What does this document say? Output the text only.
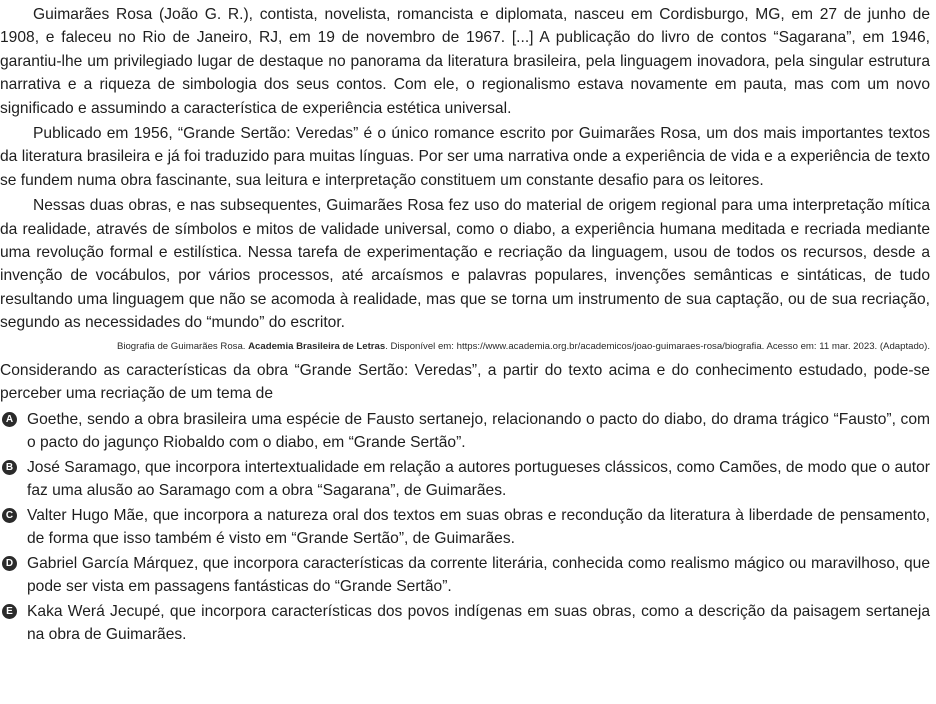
Guimarães Rosa (João G. R.), contista, novelista, romancista e diplomata, nasceu em Cordisburgo, MG, em 27 de junho de 1908, e faleceu no Rio de Janeiro, RJ, em 19 de novembro de 1967. [...] A publicação do livro de contos “Sagarana”, em 1946, garantiu-lhe um privilegiado lugar de destaque no panorama da literatura brasileira, pela linguagem inovadora, pela singular estrutura narrativa e a riqueza de simbologia dos seus contos. Com ele, o regionalismo estava novamente em pauta, mas com um novo significado e assumindo a característica de experiência estética universal.

Publicado em 1956, “Grande Sertão: Veredas” é o único romance escrito por Guimarães Rosa, um dos mais importantes textos da literatura brasileira e já foi traduzido para muitas línguas. Por ser uma narrativa onde a experiência de vida e a experiência de texto se fundem numa obra fascinante, sua leitura e interpretação constituem um constante desafio para os leitores.

Nessas duas obras, e nas subsequentes, Guimarães Rosa fez uso do material de origem regional para uma interpretação mítica da realidade, através de símbolos e mitos de validade universal, como o diabo, a experiência humana meditada e recriada mediante uma revolução formal e estilística. Nessa tarefa de experimentação e recriação da linguagem, usou de todos os recursos, desde a invenção de vocábulos, por vários processos, até arcaísmos e palavras populares, invenções semânticas e sintáticas, de tudo resultando uma linguagem que não se acomoda à realidade, mas que se torna um instrumento de sua captação, ou de sua recriação, segundo as necessidades do “mundo” do escritor.

Biografia de Guimarães Rosa. Academia Brasileira de Letras. Disponível em: https://www.academia.org.br/academicos/joao-guimaraes-rosa/biografia. Acesso em: 11 mar. 2023. (Adaptado).

Considerando as características da obra “Grande Sertão: Veredas”, a partir do texto acima e do conhecimento estudado, pode-se perceber uma recriação de um tema de

A Goethe, sendo a obra brasileira uma espécie de Fausto sertanejo, relacionando o pacto do diabo, do drama trágico “Fausto”, com o pacto do jagunço Riobaldo com o diabo, em “Grande Sertão”.
B José Saramago, que incorpora intertextualidade em relação a autores portugueses clássicos, como Camões, de modo que o autor faz uma alusão ao Saramago com a obra “Sagarana”, de Guimarães.
C Valter Hugo Mãe, que incorpora a natureza oral dos textos em suas obras e recondução da literatura à liberdade de pensamento, de forma que isso também é visto em “Grande Sertão”, de Guimarães.
D Gabriel García Márquez, que incorpora características da corrente literária, conhecida como realismo mágico ou maravilhoso, que pode ser vista em passagens fantásticas do “Grande Sertão”.
E Kaka Werá Jecupé, que incorpora características dos povos indígenas em suas obras, como a descrição da paisagem sertaneja na obra de Guimarães.
